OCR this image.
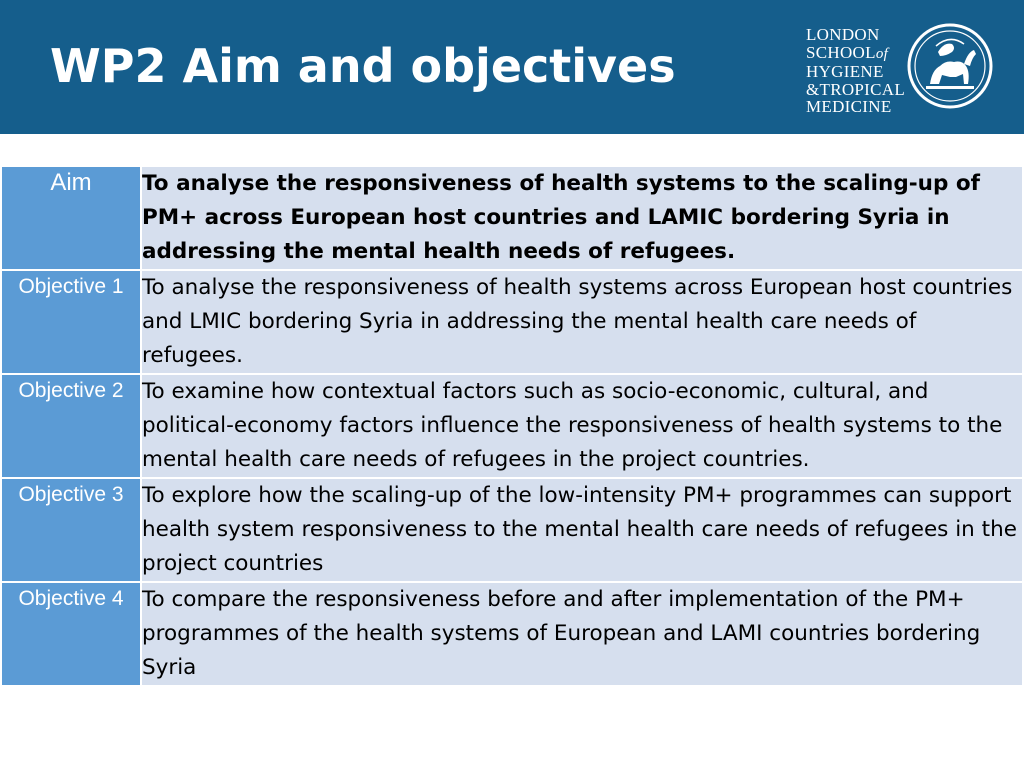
WP2 Aim and objectives
LONDON
SCHOOLof
HYGIENE
&TROPICAL
MEDICINE
Aim	To analyse the responsiveness of health systems to the scaling-up of PM+ across European host countries and LAMIC bordering Syria in addressing the mental health needs of refugees.
Objective 1	To analyse the responsiveness of health systems across European host countries and LMIC bordering Syria in addressing the mental health care needs of refugees.
Objective 2	To examine how contextual factors such as socio-economic, cultural, and political-economy factors influence the responsiveness of health systems to the mental health care needs of refugees in the project countries.
Objective 3	To explore how the scaling-up of the low-intensity PM+ programmes can support health system responsiveness to the mental health care needs of refugees in the project countries
Objective 4	To compare the responsiveness before and after implementation of the PM+ programmes of the health systems of European and LAMI countries bordering Syria
